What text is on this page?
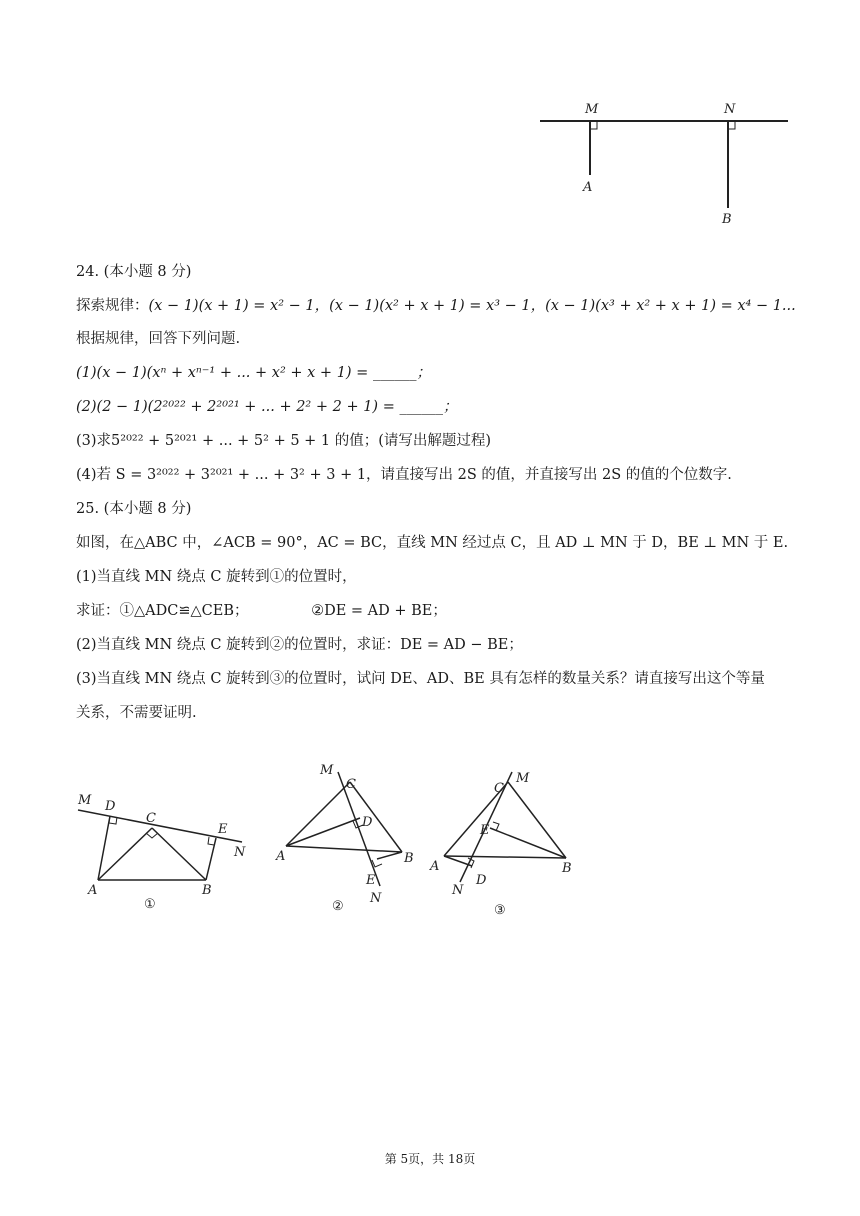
M	N
A
B
24. (本小题 8 分)
探索规律：(x − 1)(x + 1) = x² − 1，(x − 1)(x² + x + 1) = x³ − 1，(x − 1)(x³ + x² + x + 1) = x⁴ − 1...
根据规律，回答下列问题.
(1)(x − 1)(xⁿ + xⁿ⁻¹ + ... + x² + x + 1) = ______；
(2)(2 − 1)(2²⁰²² + 2²⁰²¹ + ... + 2² + 2 + 1) = ______；
(3)求5²⁰²² + 5²⁰²¹ + ... + 5² + 5 + 1 的值；(请写出解题过程)
(4)若 S = 3²⁰²² + 3²⁰²¹ + ... + 3² + 3 + 1，请直接写出 2S 的值，并直接写出 2S 的值的个位数字.
25. (本小题 8 分)
如图，在△ABC 中，∠ACB = 90°，AC = BC，直线 MN 经过点 C，且 AD ⊥ MN 于 D，BE ⊥ MN 于 E.
(1)当直线 MN 绕点 C 旋转到①的位置时，
求证：①△ADC≌△CEB；	②DE = AD + BE；
(2)当直线 MN 绕点 C 旋转到②的位置时，求证：DE = AD − BE；
(3)当直线 MN 绕点 C 旋转到③的位置时，试问 DE、AD、BE 具有怎样的数量关系？请直接写出这个等量
关系，不需要证明.
M D
C
E
N
A	B
①
M
C
D
A	B
E
N
②
C
M
E
A	B
N
D
③
第 5页，共 18页
